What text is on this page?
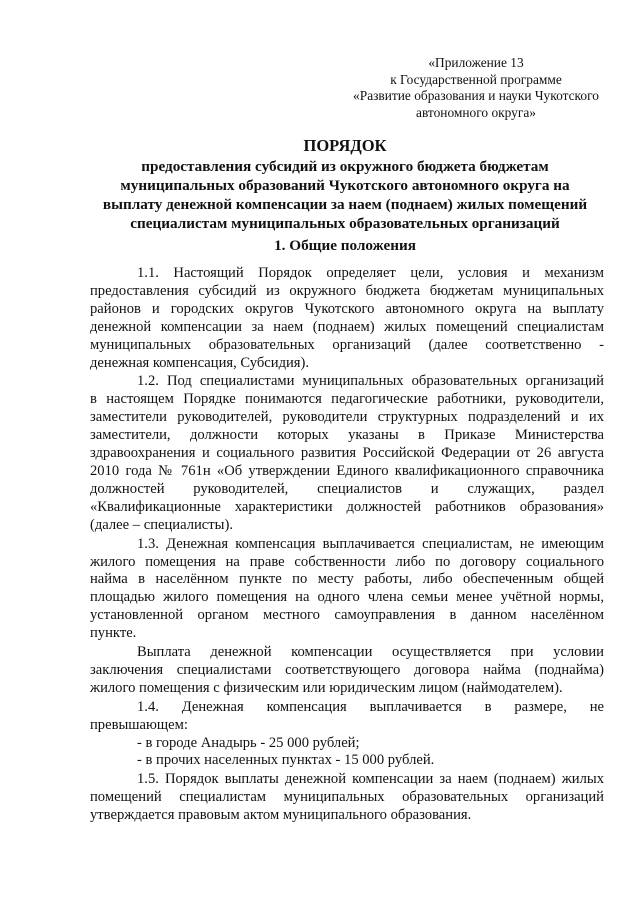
«Приложение 13
к Государственной программе
«Развитие образования и науки Чукотского
автономного округа»
ПОРЯДОК
предоставления субсидий из окружного бюджета бюджетам
муниципальных образований Чукотского автономного округа на
выплату денежной компенсации за наем (поднаем) жилых помещений
специалистам муниципальных образовательных организаций
1. Общие положения
1.1. Настоящий Порядок определяет цели, условия и механизм
предоставления субсидий из окружного бюджета бюджетам муниципальных
районов и городских округов Чукотского автономного округа на выплату
денежной компенсации за наем (поднаем) жилых помещений специалистам
муниципальных образовательных организаций (далее соответственно -
денежная компенсация, Субсидия).
1.2. Под специалистами муниципальных образовательных организаций
в настоящем Порядке понимаются педагогические работники, руководители,
заместители руководителей, руководители структурных подразделений и их
заместители, должности которых указаны в Приказе Министерства
здравоохранения и социального развития Российской Федерации от 26 августа
2010 года № 761н «Об утверждении Единого квалификационного справочника
должностей руководителей, специалистов и служащих, раздел
«Квалификационные характеристики должностей работников образования»
(далее – специалисты).
1.3. Денежная компенсация выплачивается специалистам, не имеющим
жилого помещения на праве собственности либо по договору социального
найма в населённом пункте по месту работы, либо обеспеченным общей
площадью жилого помещения на одного члена семьи менее учётной нормы,
установленной органом местного самоуправления в данном населённом
пункте.
Выплата денежной компенсации осуществляется при условии
заключения специалистами соответствующего договора найма (поднайма)
жилого помещения с физическим или юридическим лицом (наймодателем).
1.4. Денежная компенсация выплачивается в размере, не
превышающем:
- в городе Анадырь - 25 000 рублей;
- в прочих населенных пунктах - 15 000 рублей.
1.5. Порядок выплаты денежной компенсации за наем (поднаем) жилых
помещений специалистам муниципальных образовательных организаций
утверждается правовым актом муниципального образования.
